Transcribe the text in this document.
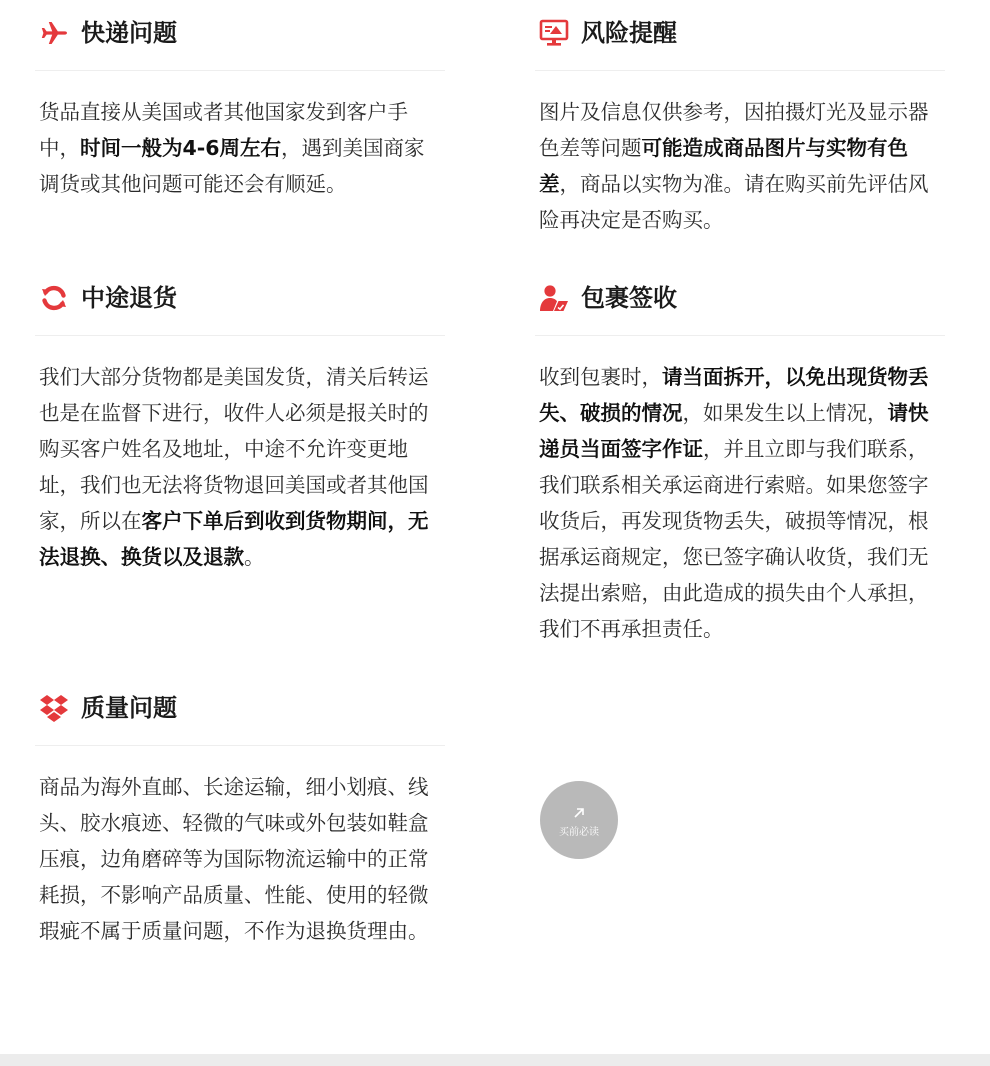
快递问题
货品直接从美国或者其他国家发到客户手中，时间一般为4-6周左右，遇到美国商家调货或其他问题可能还会有顺延。
风险提醒
图片及信息仅供参考，因拍摄灯光及显示器色差等问题可能造成商品图片与实物有色差，商品以实物为准。请在购买前先评估风险再决定是否购买。
中途退货
我们大部分货物都是美国发货，清关后转运也是在监督下进行，收件人必须是报关时的购买客户姓名及地址，中途不允许变更地址，我们也无法将货物退回美国或者其他国家，所以在客户下单后到收到货物期间，无法退换、换货以及退款。
包裹签收
收到包裹时，请当面拆开，以免出现货物丢失、破损的情况，如果发生以上情况，请快递员当面签字作证，并且立即与我们联系，我们联系相关承运商进行索赔。如果您签字收货后，再发现货物丢失，破损等情况，根据承运商规定，您已签字确认收货，我们无法提出索赔，由此造成的损失由个人承担，我们不再承担责任。
质量问题
商品为海外直邮、长途运输，细小划痕、线头、胶水痕迹、轻微的气味或外包装如鞋盒压痕，边角磨碎等为国际物流运输中的正常耗损，不影响产品质量、性能、使用的轻微瑕疵不属于质量问题，不作为退换货理由。
买前必读
